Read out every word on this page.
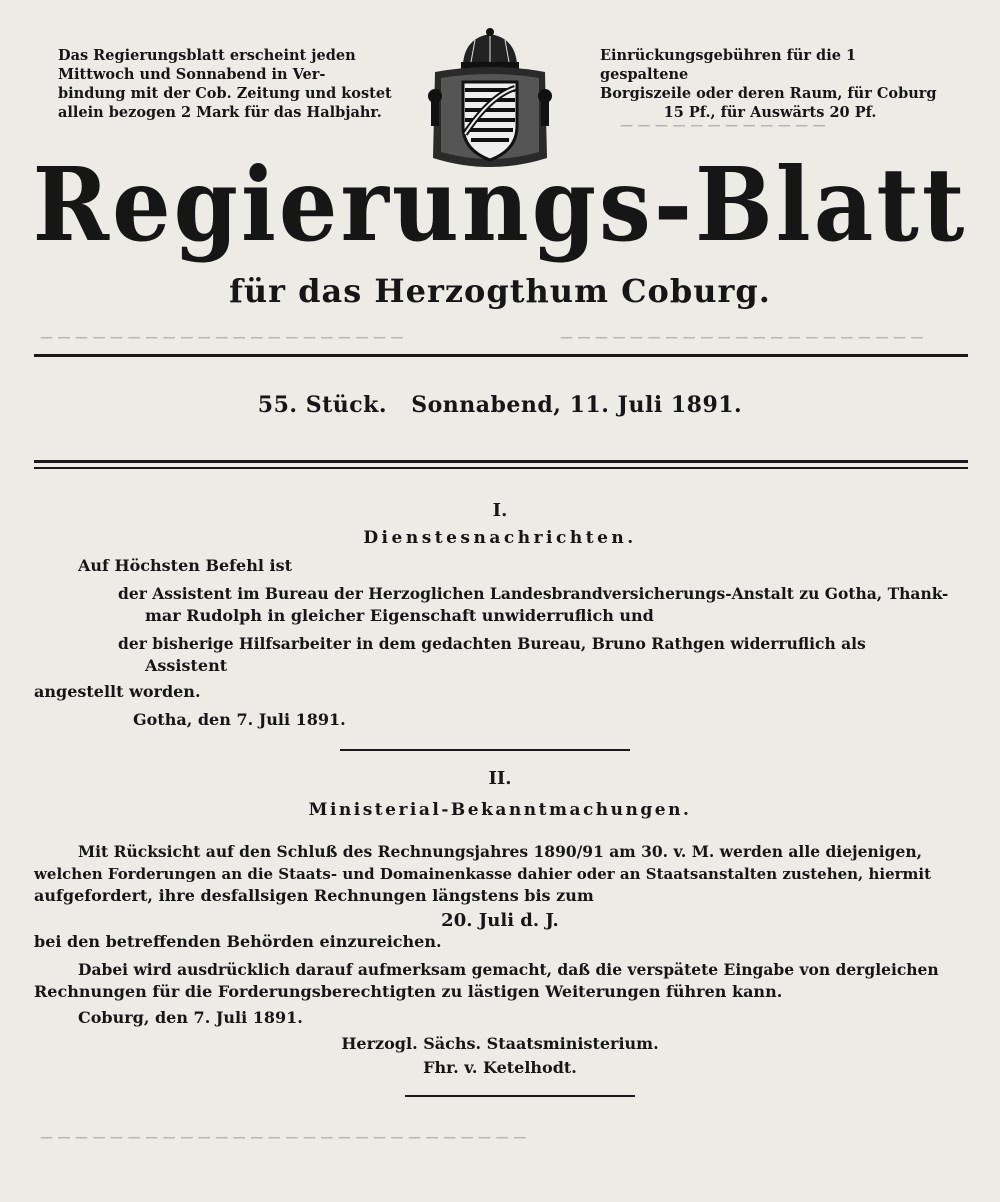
— — — — — — — — — — — —
— — — — — — — — — — — — — — — — — — — — —	— — — — — — — — — — — — — — — — — — — — —
— — — — — — — — — — — — — — — — — — — — — — — — — — — —
Das Regierungsblatt erscheint jeden
Mittwoch und Sonnabend in Ver-
bindung mit der Cob. Zeitung und kostet
allein bezogen 2 Mark für das Halbjahr.
Einrückungsgebühren für die 1 gespaltene
Borgiszeile oder deren Raum, für Coburg
15 Pf., für Auswärts 20 Pf.
Regierungs-Blatt
für das Herzogthum Coburg.
55. Stück. Sonnabend, 11. Juli 1891.
I.
Dienstesnachrichten.
Auf Höchsten Befehl ist
der Assistent im Bureau der Herzoglichen Landesbrandversicherungs-Anstalt zu Gotha, Thank-
mar Rudolph in gleicher Eigenschaft unwiderruflich und
der bisherige Hilfsarbeiter in dem gedachten Bureau, Bruno Rathgen widerruflich als
Assistent
angestellt worden.
Gotha, den 7. Juli 1891.
II.
Ministerial-Bekanntmachungen.
Mit Rücksicht auf den Schluß des Rechnungsjahres 1890/91 am 30. v. M. werden alle diejenigen,
welchen Forderungen an die Staats- und Domainenkasse dahier oder an Staatsanstalten zustehen, hiermit
aufgefordert, ihre desfallsigen Rechnungen längstens bis zum
20. Juli d. J.
bei den betreffenden Behörden einzureichen.
Dabei wird ausdrücklich darauf aufmerksam gemacht, daß die verspätete Eingabe von dergleichen
Rechnungen für die Forderungsberechtigten zu lästigen Weiterungen führen kann.
Coburg, den 7. Juli 1891.
Herzogl. Sächs. Staatsministerium.
Fhr. v. Ketelhodt.
